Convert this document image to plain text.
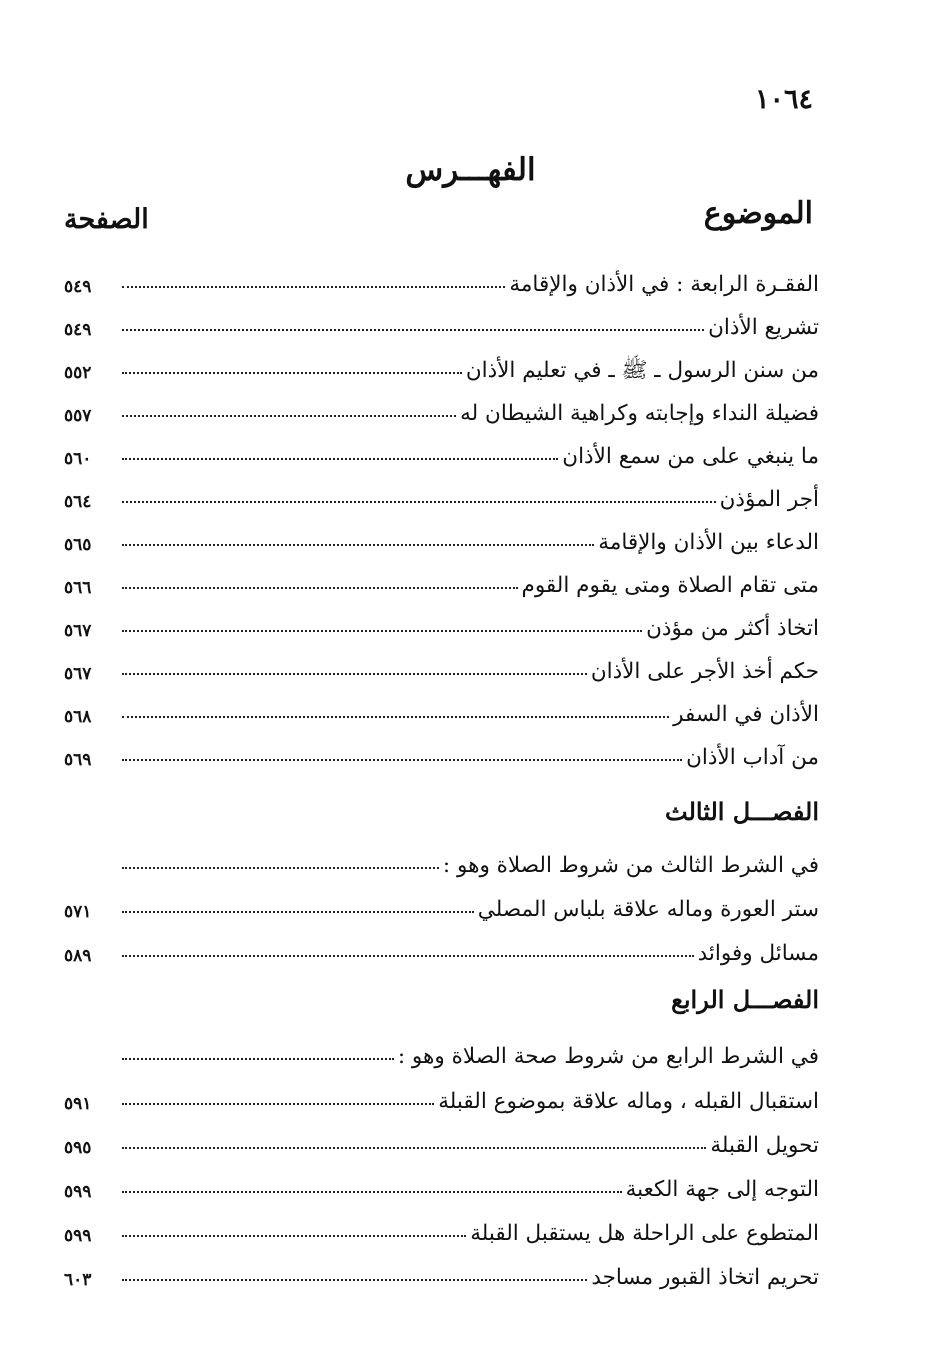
١٠٦٤
الفهـــرس
الموضوع
الصفحة
الفقـرة الرابعة : في الأذان والإقامة
٥٤٩
تشريع الأذان
٥٤٩
من سنن الرسول ـ ﷺ ـ في تعليم الأذان
٥٥٢
فضيلة النداء وإجابته وكراهية الشيطان له
٥٥٧
ما ينبغي على من سمع الأذان
٥٦٠
أجر المؤذن
٥٦٤
الدعاء بين الأذان والإقامة
٥٦٥
متى تقام الصلاة ومتى يقوم القوم
٥٦٦
اتخاذ أكثر من مؤذن
٥٦٧
حكم أخذ الأجر على الأذان
٥٦٧
الأذان في السفر
٥٦٨
من آداب الأذان
٥٦٩
الفصـــل الثالث
في الشرط الثالث من شروط الصلاة وهو :
ستر العورة وماله علاقة بلباس المصلي
٥٧١
مسائل وفوائد
٥٨٩
الفصـــل الرابع
في الشرط الرابع من شروط صحة الصلاة وهو :
استقبال القبله ، وماله علاقة بموضوع القبلة
٥٩١
تحويل القبلة
٥٩٥
التوجه إلى جهة الكعبة
٥٩٩
المتطوع على الراحلة هل يستقبل القبلة
٥٩٩
تحريم اتخاذ القبور مساجد
٦٠٣
